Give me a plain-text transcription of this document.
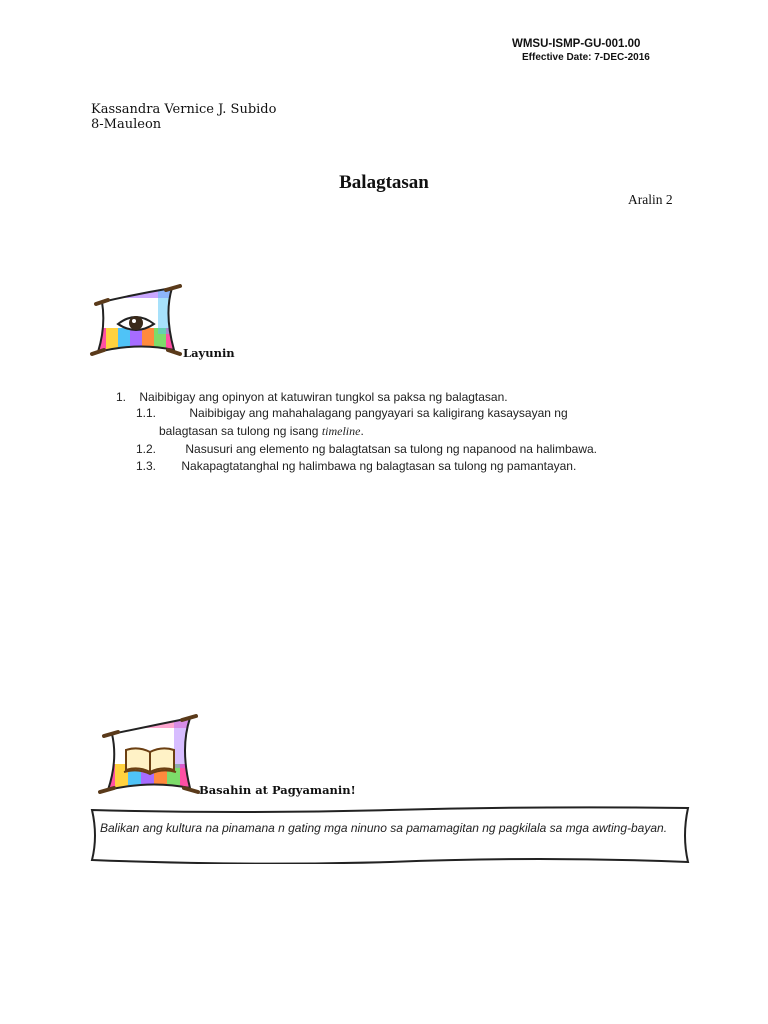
WMSU-ISMP-GU-001.00
Effective Date: 7-DEC-2016
Kassandra Vernice J. Subido
8-Mauleon
Balagtasan
Aralin 2
Layunin
1. Naibibigay ang opinyon at katuwiran tungkol sa paksa ng balagtasan.
1.1.	Naibibigay ang mahahalagang pangyayari sa kaligirang kasaysayan ng
balagtasan sa tulong ng isang timeline.
1.2. Nasusuri ang elemento ng balagtatsan sa tulong ng napanood na halimbawa.
1.3. Nakapagtatanghal ng halimbawa ng balagtasan sa tulong ng pamantayan.
Basahin at Pagyamanin!
Balikan ang kultura na pinamana n gating mga ninuno sa pamamagitan ng pagkilala sa mga awting-bayan.
